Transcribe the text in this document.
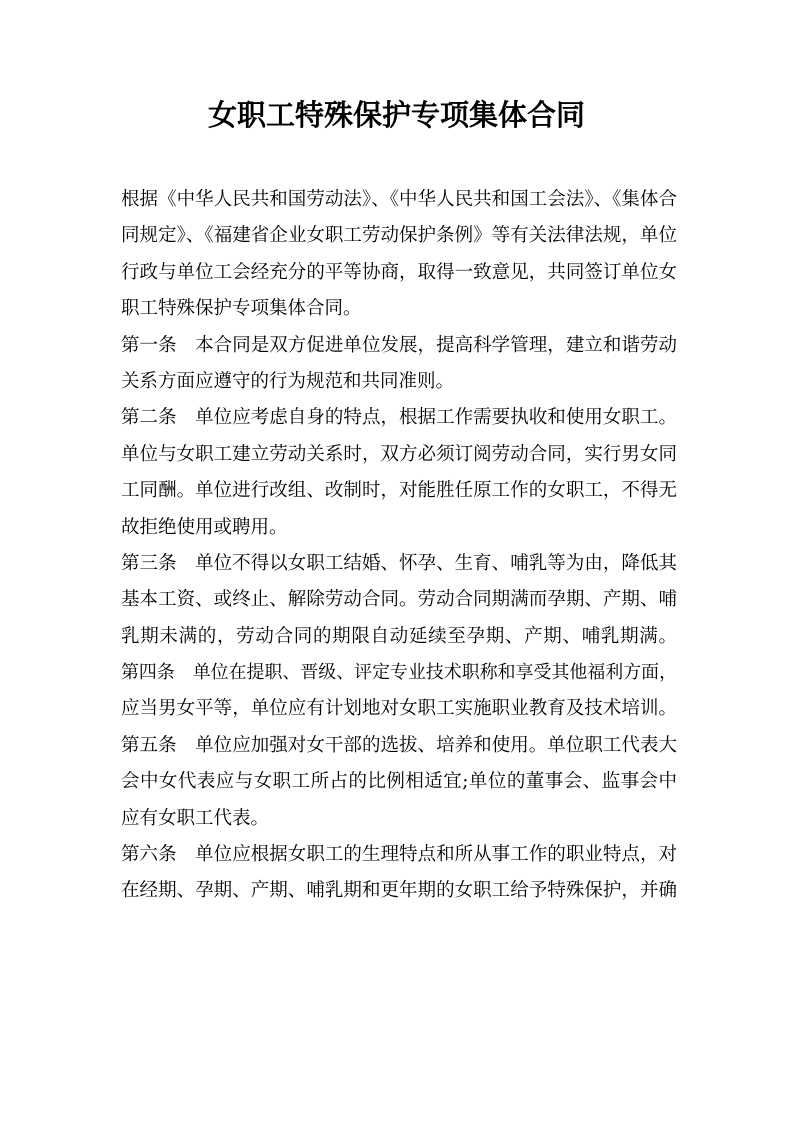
女职工特殊保护专项集体合同
根据《中华人民共和国劳动法》、《中华人民共和国工会法》、《集体合
同规定》、《福建省企业女职工劳动保护条例》等有关法律法规，单位
行政与单位工会经充分的平等协商，取得一致意见，共同签订单位女
职工特殊保护专项集体合同。
第一条　本合同是双方促进单位发展，提高科学管理，建立和谐劳动
关系方面应遵守的行为规范和共同准则。
第二条　单位应考虑自身的特点，根据工作需要执收和使用女职工。
单位与女职工建立劳动关系时，双方必须订阅劳动合同，实行男女同
工同酬。单位进行改组、改制时，对能胜任原工作的女职工，不得无
故拒绝使用或聘用。
第三条　单位不得以女职工结婚、怀孕、生育、哺乳等为由，降低其
基本工资、或终止、解除劳动合同。劳动合同期满而孕期、产期、哺
乳期未满的，劳动合同的期限自动延续至孕期、产期、哺乳期满。
第四条　单位在提职、晋级、评定专业技术职称和享受其他福利方面，
应当男女平等，单位应有计划地对女职工实施职业教育及技术培训。
第五条　单位应加强对女干部的选拔、培养和使用。单位职工代表大
会中女代表应与女职工所占的比例相适宜;单位的董事会、监事会中
应有女职工代表。
第六条　单位应根据女职工的生理特点和所从事工作的职业特点，对
在经期、孕期、产期、哺乳期和更年期的女职工给予特殊保护，并确
